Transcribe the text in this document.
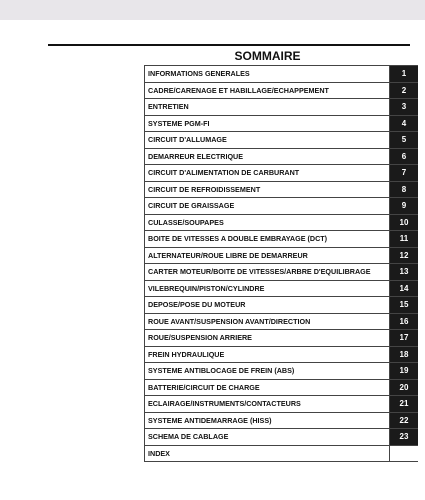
SOMMAIRE
INFORMATIONS GENERALES	1
CADRE/CARENAGE ET HABILLAGE/ECHAPPEMENT	2
ENTRETIEN	3
SYSTEME PGM-FI	4
CIRCUIT D'ALLUMAGE	5
DEMARREUR ELECTRIQUE	6
CIRCUIT D'ALIMENTATION DE CARBURANT	7
CIRCUIT DE REFROIDISSEMENT	8
CIRCUIT DE GRAISSAGE	9
CULASSE/SOUPAPES	10
BOITE DE VITESSES A DOUBLE EMBRAYAGE (DCT)	11
ALTERNATEUR/ROUE LIBRE DE DEMARREUR	12
CARTER MOTEUR/BOITE DE VITESSES/ARBRE D'EQUILIBRAGE	13
VILEBREQUIN/PISTON/CYLINDRE	14
DEPOSE/POSE DU MOTEUR	15
ROUE AVANT/SUSPENSION AVANT/DIRECTION	16
ROUE/SUSPENSION ARRIERE	17
FREIN HYDRAULIQUE	18
SYSTEME ANTIBLOCAGE DE FREIN (ABS)	19
BATTERIE/CIRCUIT DE CHARGE	20
ECLAIRAGE/INSTRUMENTS/CONTACTEURS	21
SYSTEME ANTIDEMARRAGE (HISS)	22
SCHEMA DE CABLAGE	23
INDEX
